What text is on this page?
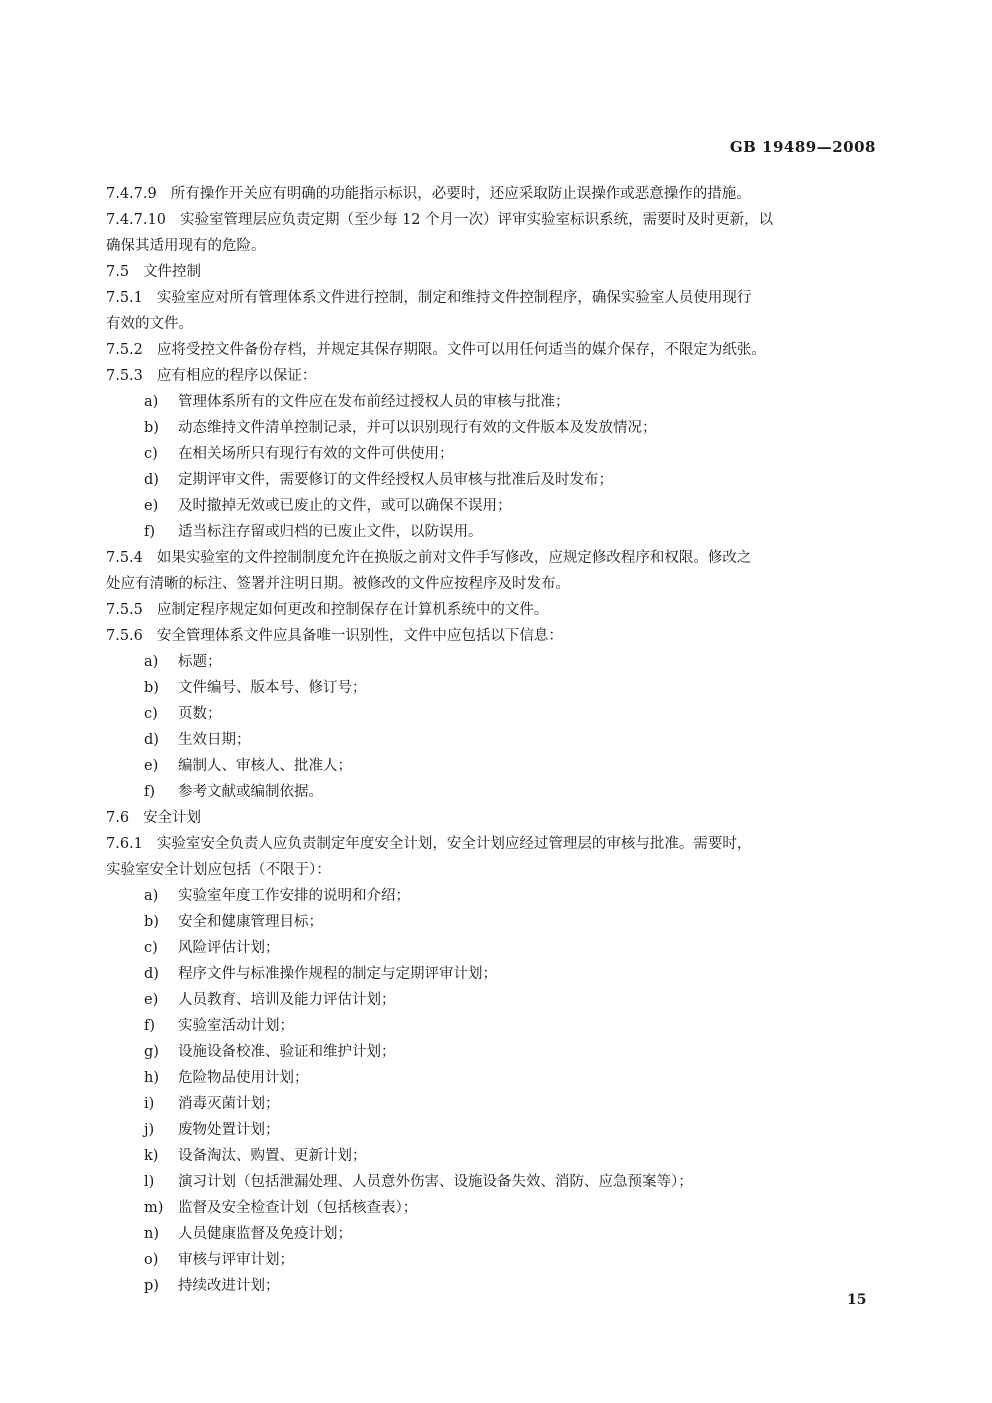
GB 19489—2008
7.4.7.9 所有操作开关应有明确的功能指示标识，必要时，还应采取防止误操作或恶意操作的措施。
7.4.7.10 实验室管理层应负责定期（至少每 12 个月一次）评审实验室标识系统，需要时及时更新，以
确保其适用现有的危险。
7.5 文件控制
7.5.1 实验室应对所有管理体系文件进行控制，制定和维持文件控制程序，确保实验室人员使用现行
有效的文件。
7.5.2 应将受控文件备份存档，并规定其保存期限。文件可以用任何适当的媒介保存，不限定为纸张。
7.5.3 应有相应的程序以保证：
a) 管理体系所有的文件应在发布前经过授权人员的审核与批准；
b) 动态维持文件清单控制记录，并可以识别现行有效的文件版本及发放情况；
c) 在相关场所只有现行有效的文件可供使用；
d) 定期评审文件，需要修订的文件经授权人员审核与批准后及时发布；
e) 及时撤掉无效或已废止的文件，或可以确保不误用；
f) 适当标注存留或归档的已废止文件，以防误用。
7.5.4 如果实验室的文件控制制度允许在换版之前对文件手写修改，应规定修改程序和权限。修改之
处应有清晰的标注、签署并注明日期。被修改的文件应按程序及时发布。
7.5.5 应制定程序规定如何更改和控制保存在计算机系统中的文件。
7.5.6 安全管理体系文件应具备唯一识别性，文件中应包括以下信息：
a) 标题；
b) 文件编号、版本号、修订号；
c) 页数；
d) 生效日期；
e) 编制人、审核人、批准人；
f) 参考文献或编制依据。
7.6 安全计划
7.6.1 实验室安全负责人应负责制定年度安全计划，安全计划应经过管理层的审核与批准。需要时，
实验室安全计划应包括（不限于）：
a) 实验室年度工作安排的说明和介绍；
b) 安全和健康管理目标；
c) 风险评估计划；
d) 程序文件与标准操作规程的制定与定期评审计划；
e) 人员教育、培训及能力评估计划；
f) 实验室活动计划；
g) 设施设备校准、验证和维护计划；
h) 危险物品使用计划；
i) 消毒灭菌计划；
j) 废物处置计划；
k) 设备淘汰、购置、更新计划；
l) 演习计划（包括泄漏处理、人员意外伤害、设施设备失效、消防、应急预案等）；
m) 监督及安全检查计划（包括核查表）；
n) 人员健康监督及免疫计划；
o) 审核与评审计划；
p) 持续改进计划；
15
